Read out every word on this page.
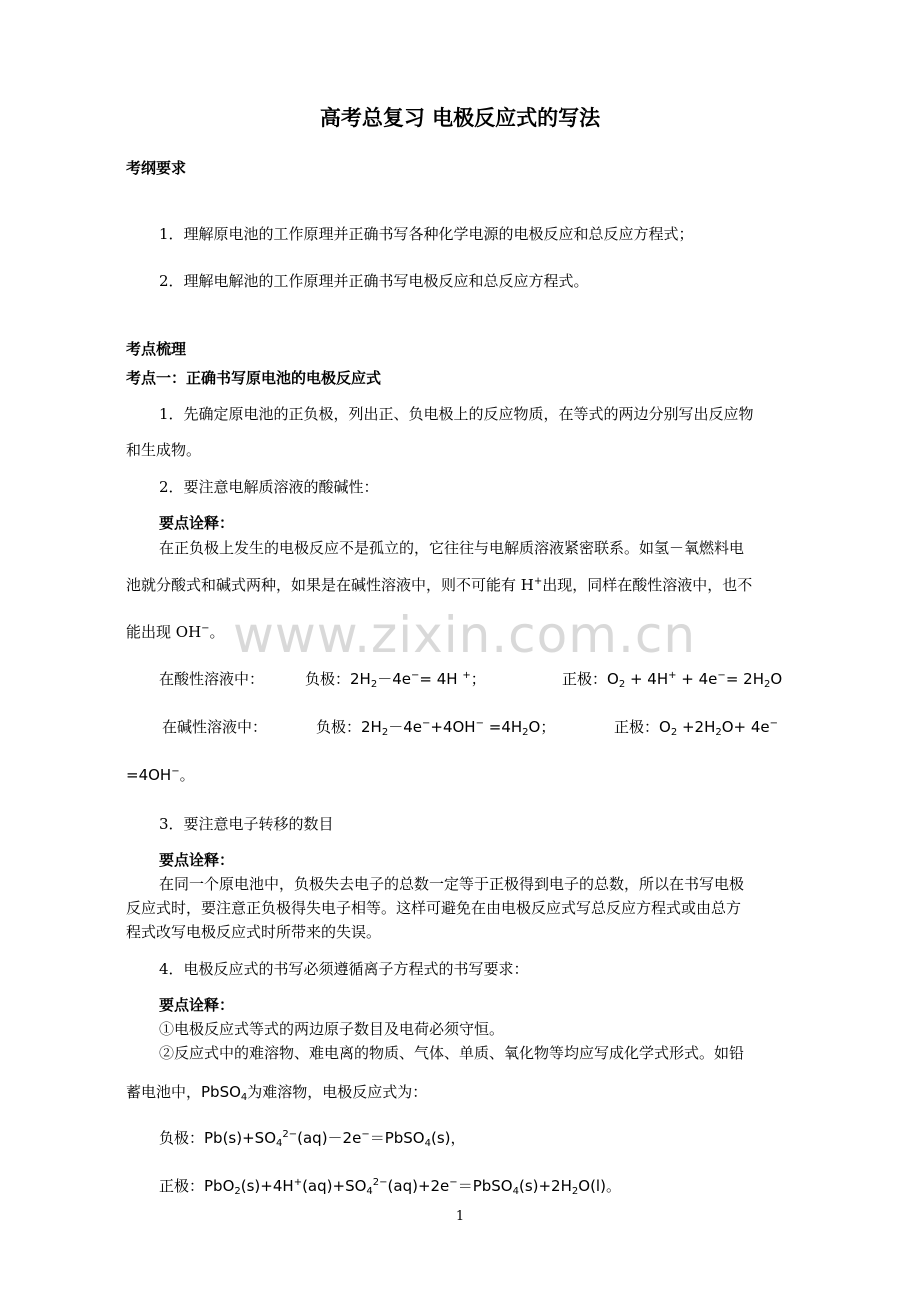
www.zixin.com.cn
高考总复习 电极反应式的写法
考纲要求
1．理解原电池的工作原理并正确书写各种化学电源的电极反应和总反应方程式；
2．理解电解池的工作原理并正确书写电极反应和总反应方程式。
考点梳理
考点一：正确书写原电池的电极反应式
1．先确定原电池的正负极，列出正、负电极上的反应物质，在等式的两边分别写出反应物
和生成物。
2．要注意电解质溶液的酸碱性：
要点诠释：
在正负极上发生的电极反应不是孤立的，它往往与电解质溶液紧密联系。如氢－氧燃料电
池就分酸式和碱式两种，如果是在碱性溶液中，则不可能有 H+出现，同样在酸性溶液中，也不
能出现 OH−。
在酸性溶液中：	负极：$2H_2-4e^-= 4H$ +；	正极：$O_2 + 4H^+ + 4e^-= 2H_2O$
在碱性溶液中：	负极：$2H_2-4e^-+4OH^- =4H_2O$；	正极：$O_2 +2H_2O+ 4e^-$
=4OH−。
3．要注意电子转移的数目
要点诠释：
在同一个原电池中，负极失去电子的总数一定等于正极得到电子的总数，所以在书写电极
反应式时，要注意正负极得失电子相等。这样可避免在由电极反应式写总反应方程式或由总方
程式改写电极反应式时所带来的失误。
4．电极反应式的书写必须遵循离子方程式的书写要求：
要点诠释：
①电极反应式等式的两边原子数目及电荷必须守恒。
②反应式中的难溶物、难电离的物质、气体、单质、氧化物等均应写成化学式形式。如铅
蓄电池中，PbSO$_4$为难溶物，电极反应式为：
负极：$Pb(s)+SO_4^{2-}(aq)-2e^-=PbSO_4(s)$，
正极：$PbO_2(s)+4H^+(aq)+SO_4^{2-}(aq)+2e^-=PbSO_4(s)+2H_2O(l)$。
1
